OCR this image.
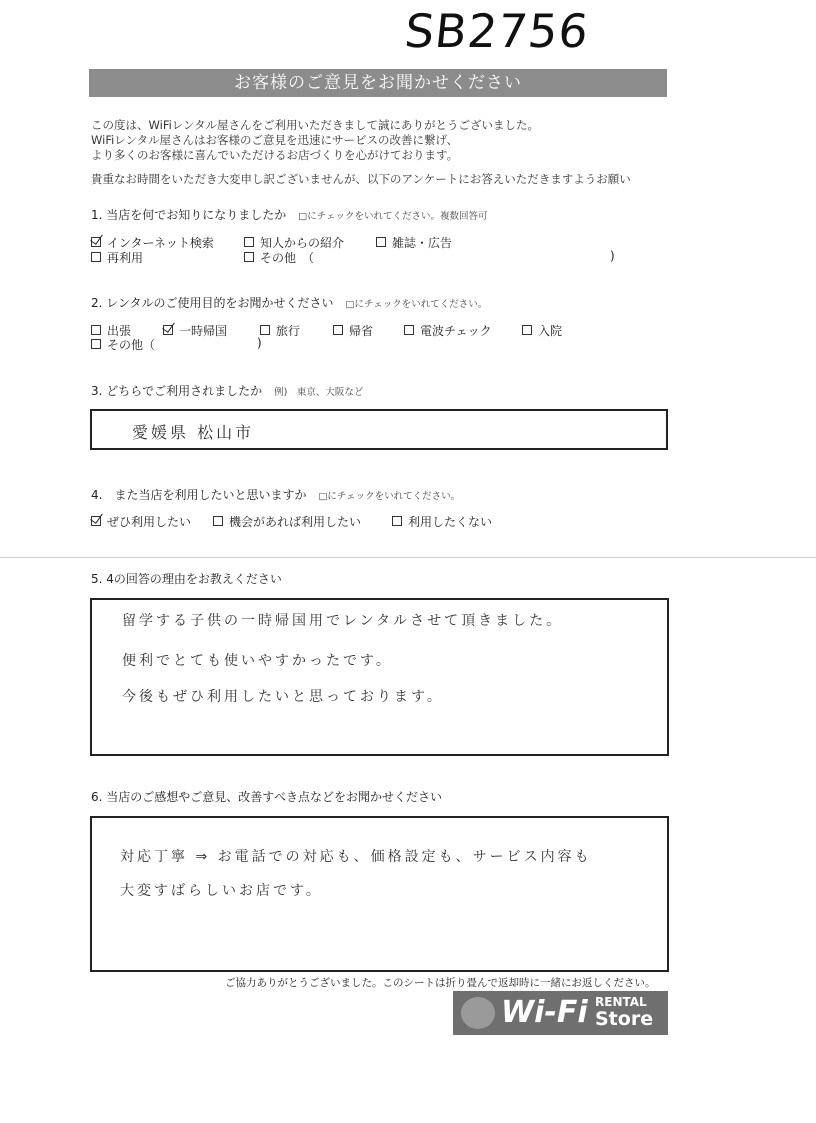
SB2756
お客様のご意見をお聞かせください
この度は、WiFiレンタル屋さんをご利用いただきまして誠にありがとうございました。
WiFiレンタル屋さんはお客様のご意見を迅速にサービスの改善に繋げ、
より多くのお客様に喜んでいただけるお店づくりを心がけております。
貴重なお時間をいただき大変申し訳ございませんが、以下のアンケートにお答えいただきますようお願い
1. 当店を何でお知りになりましたか □にチェックをいれてください。複数回答可
インターネット検索	知人からの紹介	雑誌・広告
再利用	その他　（	)
2. レンタルのご使用目的をお聞かせください □にチェックをいれてください。
出張	一時帰国	旅行	帰省	電波チェック	入院
その他（	)
3. どちらでご利用されましたか 例)　東京、大阪など
愛媛県 松山市
4.　また当店を利用したいと思いますか □にチェックをいれてください。
ぜひ利用したい	機会があれば利用したい	利用したくない
5. 4の回答の理由をお教えください
留学する子供の一時帰国用でレンタルさせて頂きました。
便利でとても使いやすかったです。
今後もぜひ利用したいと思っております。
6. 当店のご感想やご意見、改善すべき点などをお聞かせください
対応丁寧 ⇒ お電話での対応も、価格設定も、サービス内容も
大変すばらしいお店です。
ご協力ありがとうございました。このシートは折り畳んで返却時に一緒にお返しください。
Wi-Fi RENTAL
Store
